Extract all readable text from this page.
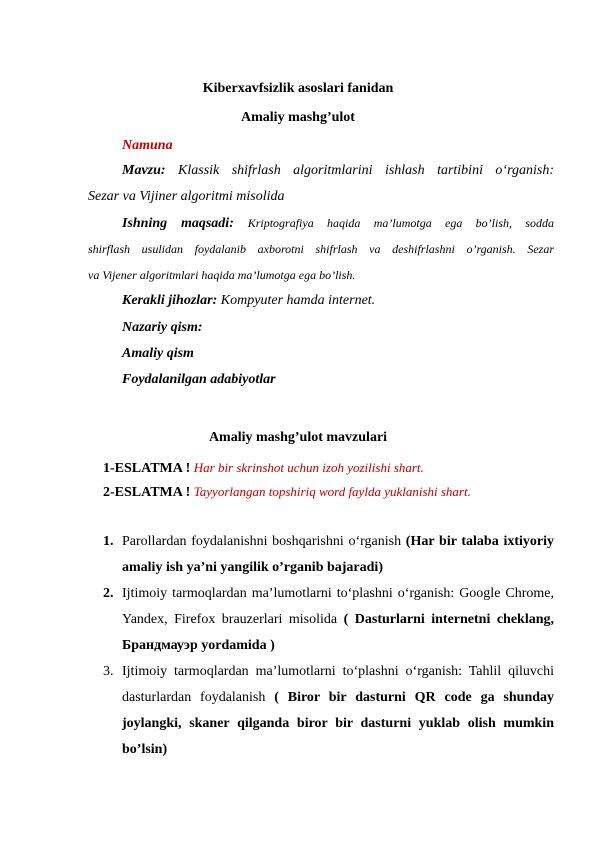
Kiberxavfsizlik asoslari fanidan
Amaliy mashg’ulot
Namuna
Mavzu: Klassik shifrlash algoritmlarini ishlash tartibini o‘rganish:
Sezar va Vijiner algoritmi misolida
Ishning maqsadi: Kriptografiya haqida ma’lumotga ega bo’lish, sodda
shirflash usulidan foydalanib axborotni shifrlash va deshifrlashni o’rganish. Sezar
va Vijener algoritmlari haqida ma’lumotga ega bo’lish.
Kerakli jihozlar: Kompyuter hamda internet.
Nazariy qism:
Amaliy qism
Foydalanilgan adabiyotlar
Amaliy mashg’ulot mavzulari
1-ESLATMA ! Har bir skrinshot uchun izoh yozilishi shart.
2-ESLATMA ! Tayyorlangan topshiriq word faylda yuklanishi shart.
1. Parollardan foydalanishni boshqarishni o‘rganish (Har bir talaba ixtiyoriy
amaliy ish ya’ni yangilik o’rganib bajaradi)
2. Ijtimoiy tarmoqlardan ma’lumotlarni to‘plashni o‘rganish: Google Chrome,
Yandex, Firefox brauzerlari misolida ( Dasturlarni internetni cheklang,
Брандмауэр yordamida )
3. Ijtimoiy tarmoqlardan ma’lumotlarni to‘plashni o‘rganish: Tahlil qiluvchi
dasturlardan foydalanish ( Biror bir dasturni QR code ga shunday
joylangki, skaner qilganda biror bir dasturni yuklab olish mumkin
bo’lsin)
